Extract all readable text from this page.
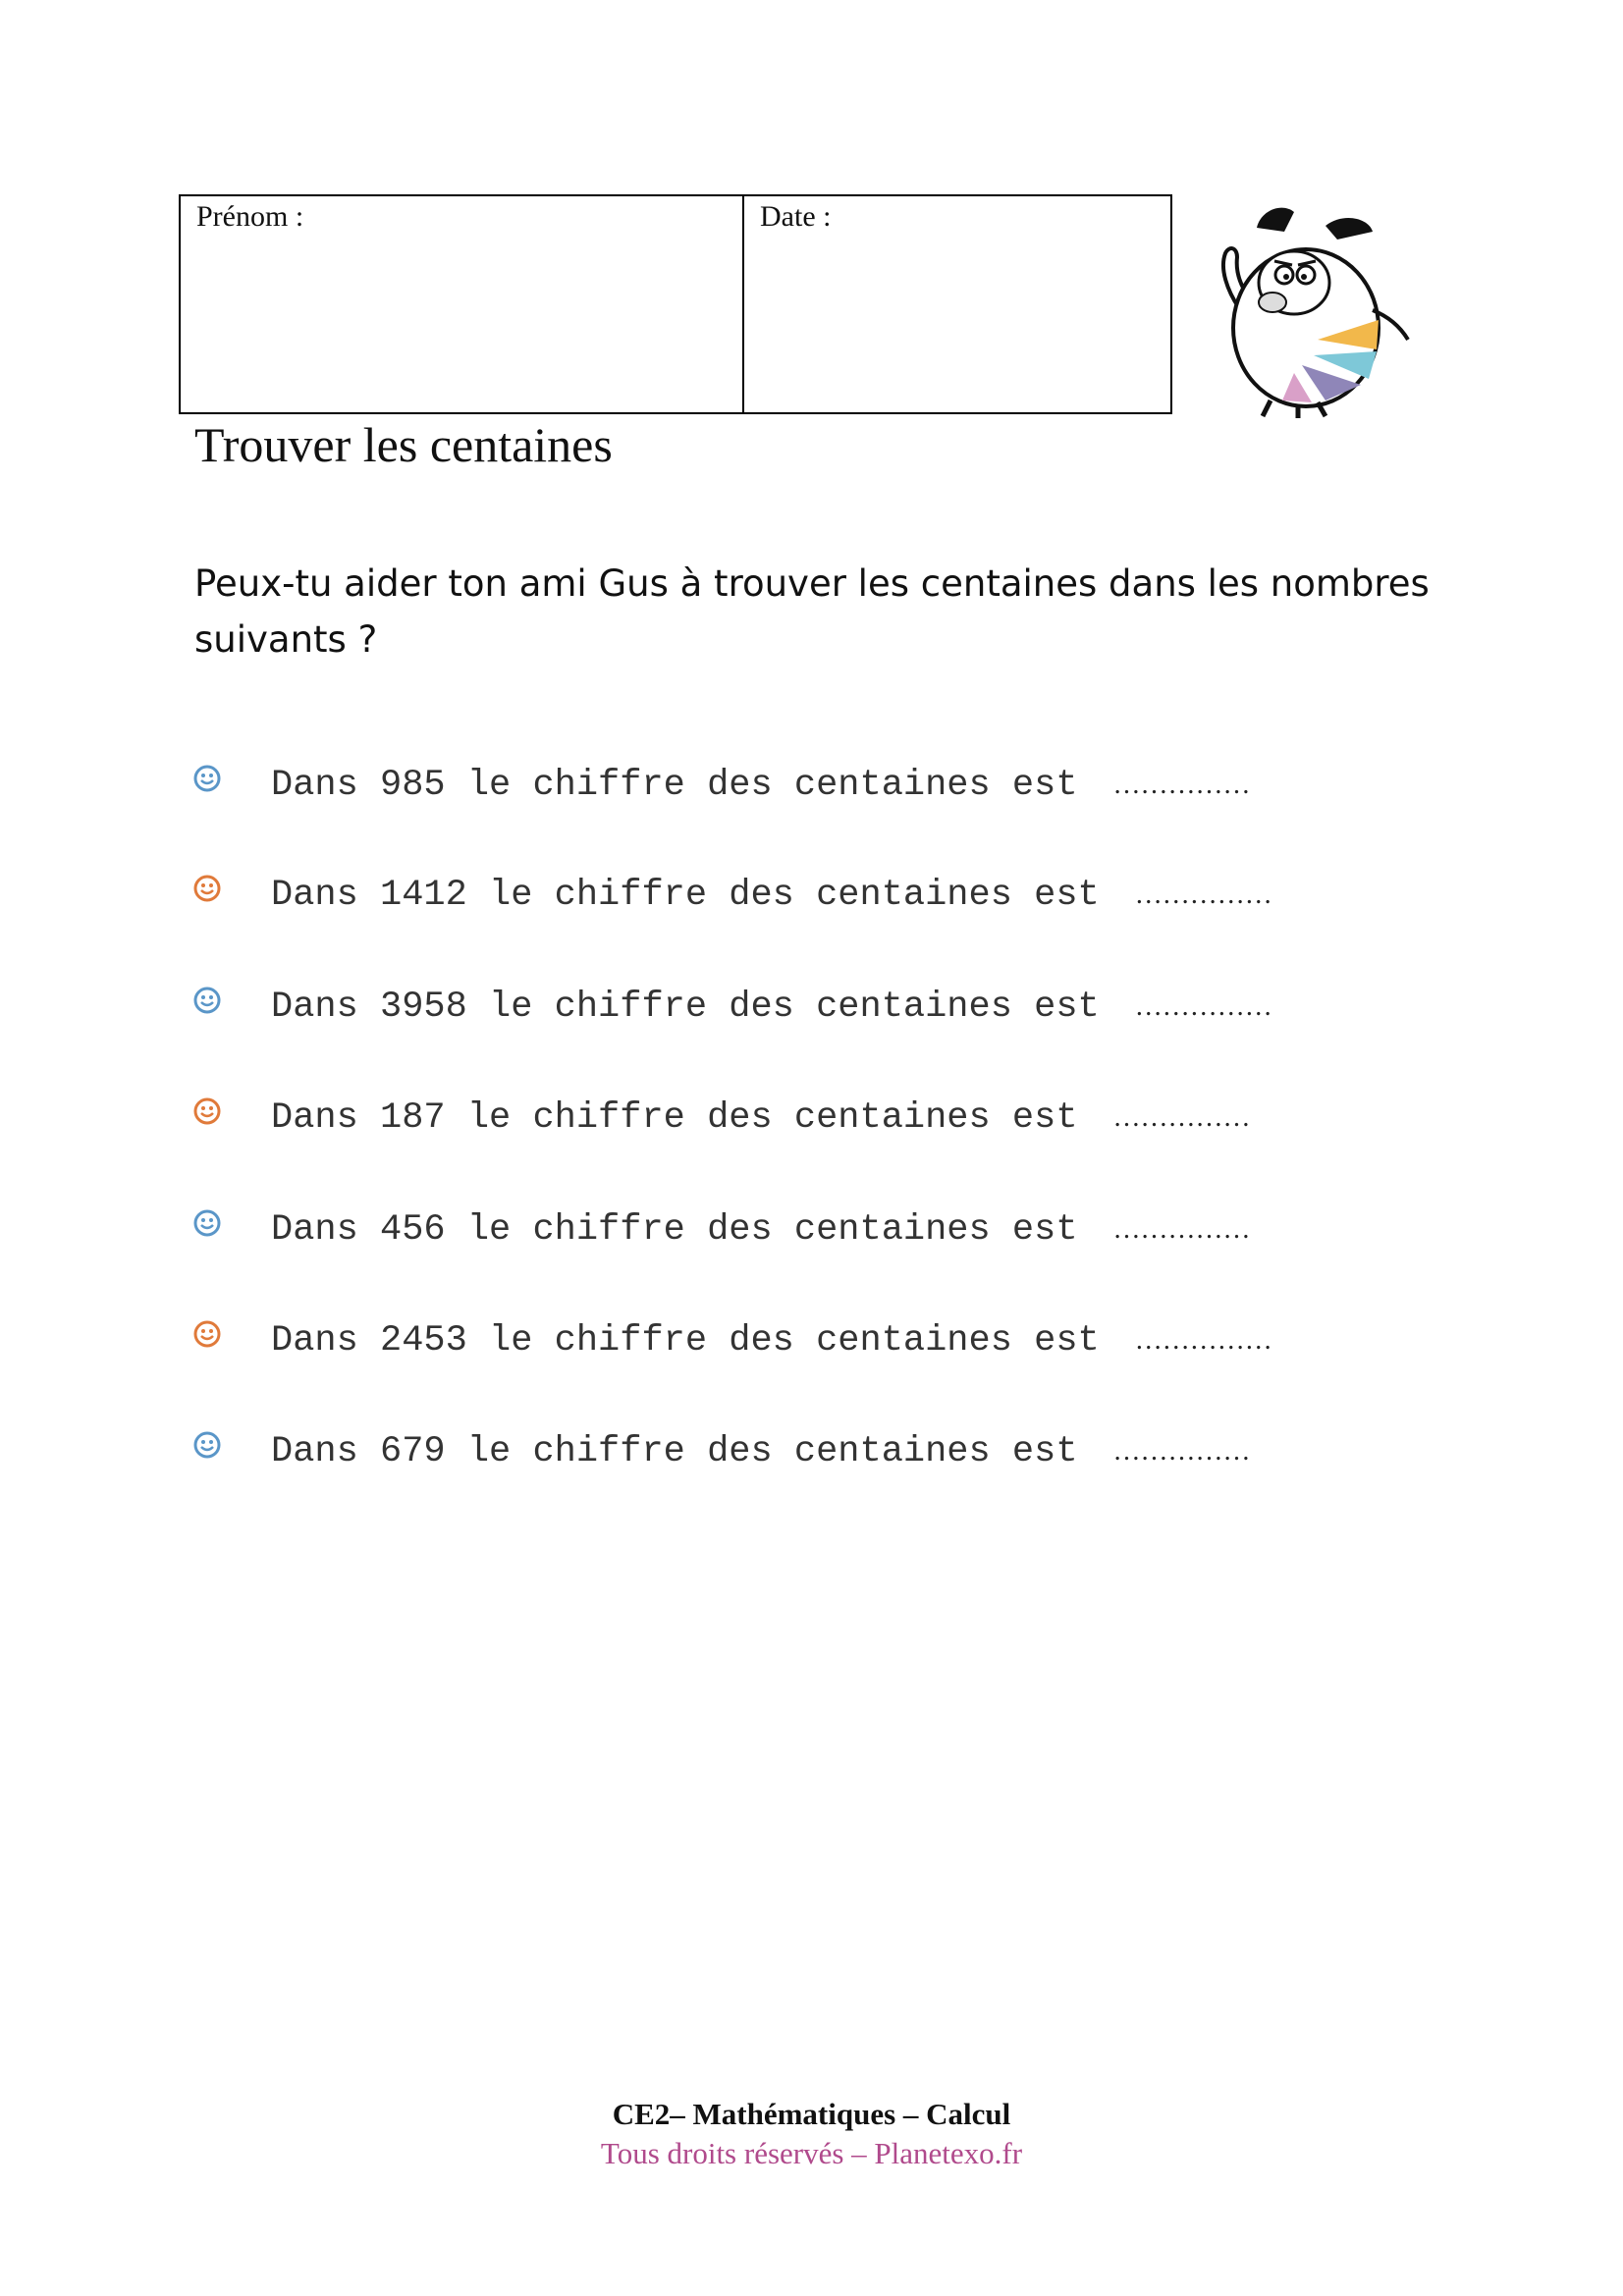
Prénom :	Date :
Trouver les centaines

Peux-tu aider ton ami Gus à trouver les centaines dans les nombres suivants ?

Dans 985 le chiffre des centaines est ……………
Dans 1412 le chiffre des centaines est ……………
Dans 3958 le chiffre des centaines est ……………
Dans 187 le chiffre des centaines est ……………
Dans 456 le chiffre des centaines est ……………
Dans 2453 le chiffre des centaines est ……………
Dans 679 le chiffre des centaines est ……………
CE2– Mathématiques – Calcul
Tous droits réservés – Planetexo.fr
